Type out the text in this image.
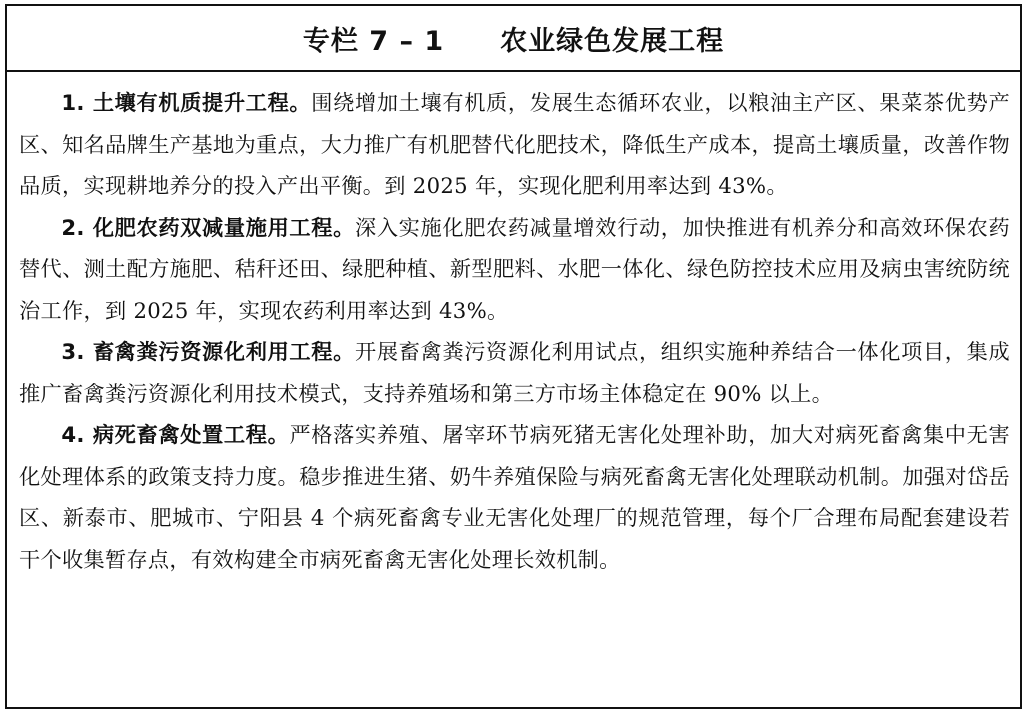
专栏 7 – 1 农业绿色发展工程

1. 土壤有机质提升工程。围绕增加土壤有机质，发展生态循环农业，以粮油主产区、果菜茶优势产区、知名品牌生产基地为重点，大力推广有机肥替代化肥技术，降低生产成本，提高土壤质量，改善作物品质，实现耕地养分的投入产出平衡。到 2025 年，实现化肥利用率达到 43%。

2. 化肥农药双减量施用工程。深入实施化肥农药减量增效行动，加快推进有机养分和高效环保农药替代、测土配方施肥、秸秆还田、绿肥种植、新型肥料、水肥一体化、绿色防控技术应用及病虫害统防统治工作，到 2025 年，实现农药利用率达到 43%。

3. 畜禽粪污资源化利用工程。开展畜禽粪污资源化利用试点，组织实施种养结合一体化项目，集成推广畜禽粪污资源化利用技术模式，支持养殖场和第三方市场主体稳定在 90% 以上。

4. 病死畜禽处置工程。严格落实养殖、屠宰环节病死猪无害化处理补助，加大对病死畜禽集中无害化处理体系的政策支持力度。稳步推进生猪、奶牛养殖保险与病死畜禽无害化处理联动机制。加强对岱岳区、新泰市、肥城市、宁阳县 4 个病死畜禽专业无害化处理厂的规范管理，每个厂合理布局配套建设若干个收集暂存点，有效构建全市病死畜禽无害化处理长效机制。
